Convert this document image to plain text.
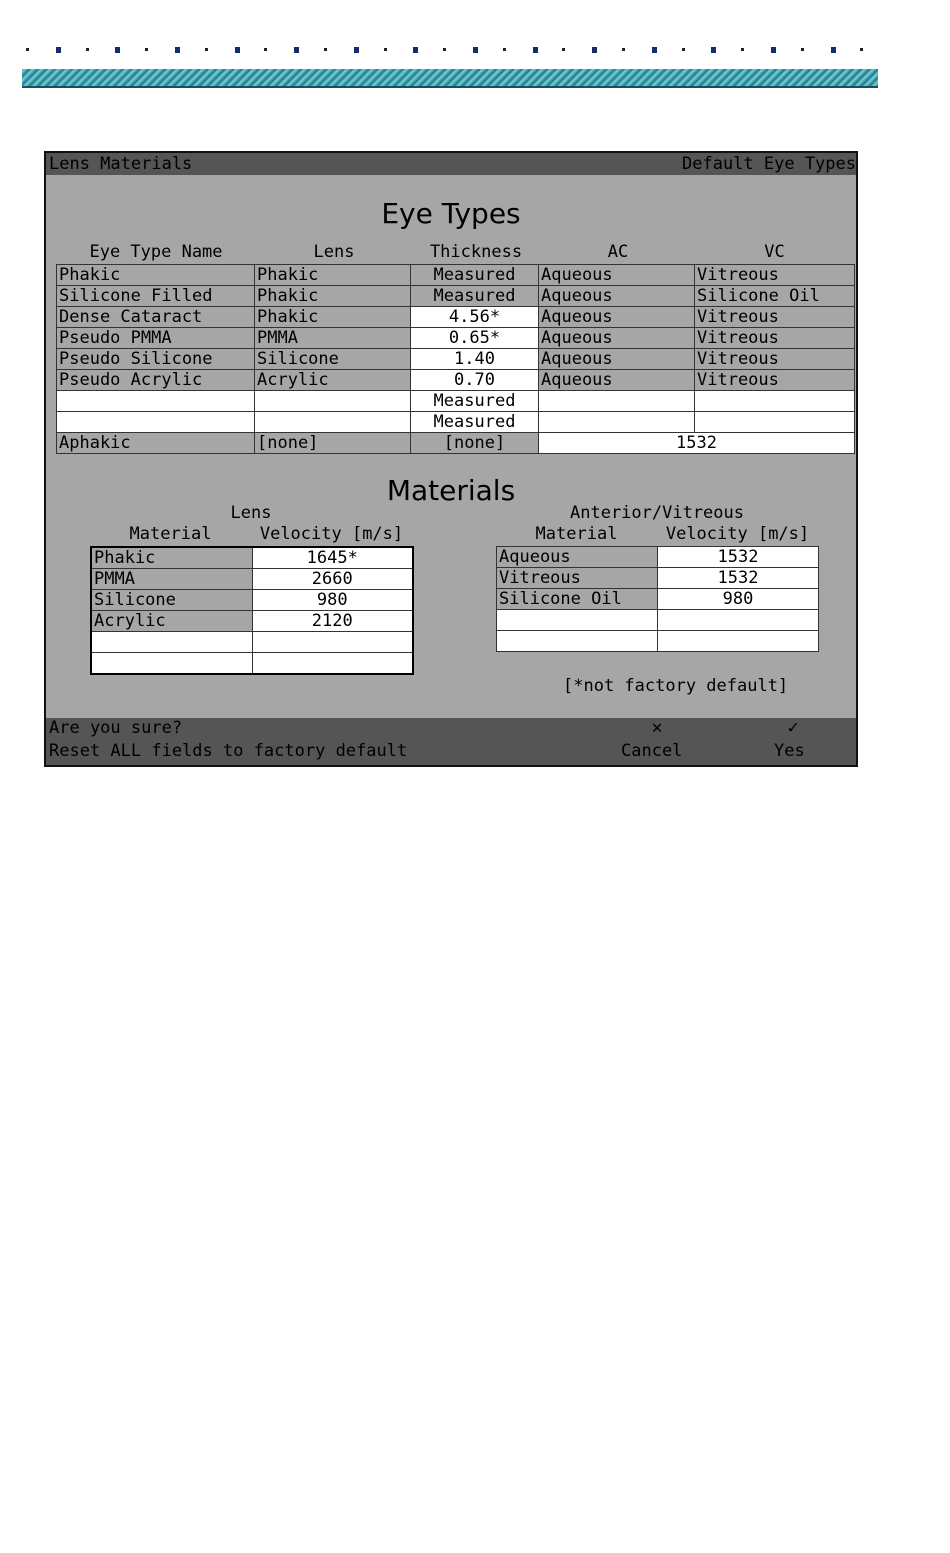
Lens Materials	Default Eye Types
Eye Types
Eye Type Name	Lens	Thickness	AC	VC
Phakic	Phakic	Measured	Aqueous	Vitreous
Silicone Filled	Phakic	Measured	Aqueous	Silicone Oil
Dense Cataract	Phakic	4.56*	Aqueous	Vitreous
Pseudo PMMA	PMMA	0.65*	Aqueous	Vitreous
Pseudo Silicone	Silicone	1.40	Aqueous	Vitreous
Pseudo Acrylic	Acrylic	0.70	Aqueous	Vitreous
		Measured		
		Measured		
Aphakic	[none]	[none]	1532	
Materials
Lens
Material	Velocity [m/s]
Anterior/Vitreous
Material	Velocity [m/s]
Phakic	1645*
PMMA	2660
Silicone	980
Acrylic	2120

Aqueous	1532
Vitreous	1532
Silicone Oil	980

[*not factory default]
Are you sure?
Reset ALL fields to factory default
✕
Cancel
✓
Yes
